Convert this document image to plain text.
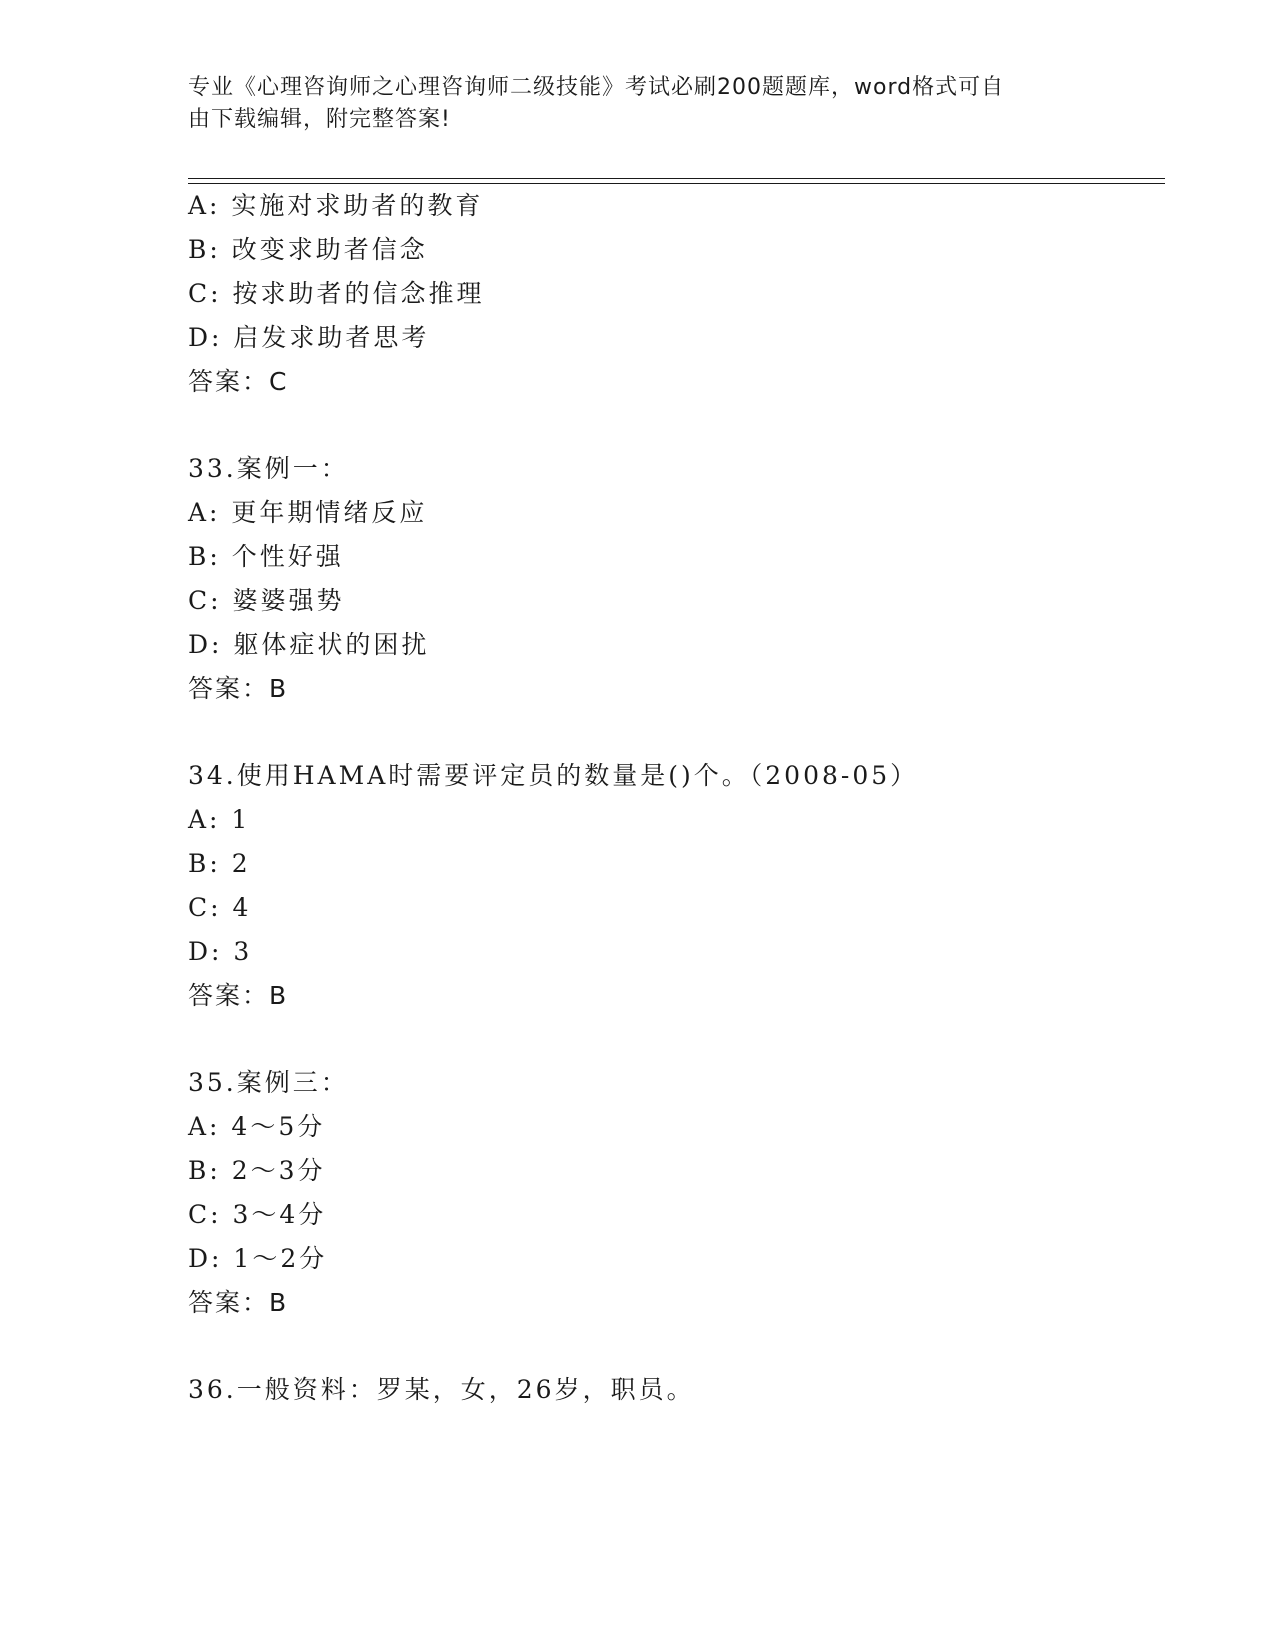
专业《心理咨询师之心理咨询师二级技能》考试必刷200题题库，word格式可自
由下载编辑，附完整答案!
A: 实施对求助者的教育
B: 改变求助者信念
C: 按求助者的信念推理
D: 启发求助者思考
答案：C
33.案例一：
A: 更年期情绪反应
B: 个性好强
C: 婆婆强势
D: 躯体症状的困扰
答案：B
34.使用HAMA时需要评定员的数量是()个。（2008-05）
A: 1
B: 2
C: 4
D: 3
答案：B
35.案例三：
A: 4～5分
B: 2～3分
C: 3～4分
D: 1～2分
答案：B
36.一般资料：罗某，女，26岁，职员。
